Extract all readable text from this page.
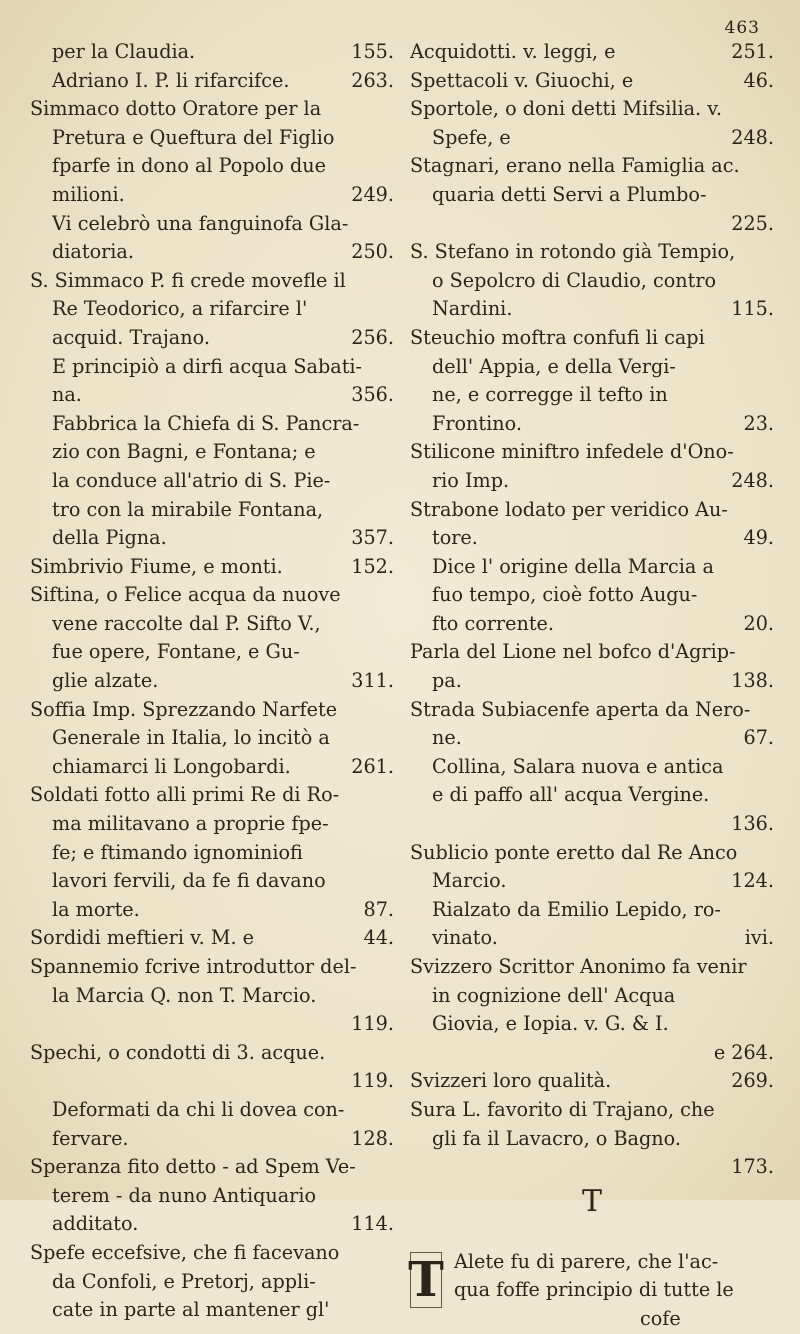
463
per la Claudia.	155.
Adriano I. P. li rifarcifce.	263.
Simmaco dotto Oratore per la
Pretura e Queftura del Figlio
fparfe in dono al Popolo due
milioni.	249.
Vi celebrò una fanguinofa Gla-
diatoria.	250.
S. Simmaco P. fi crede movefle il
Re Teodorico, a rifarcire l'
acquid. Trajano.	256.
E principiò a dirfi acqua Sabati-
na.	356.
Fabbrica la Chiefa di S. Pancra-
zio con Bagni, e Fontana; e
la conduce all'atrio di S. Pie-
tro con la mirabile Fontana,
della Pigna.	357.
Simbrivio Fiume, e monti.	152.
Siftina, o Felice acqua da nuove
vene raccolte dal P. Sifto V.,
fue opere, Fontane, e Gu-
glie alzate.	311.
Soffia Imp. Sprezzando Narfete
Generale in Italia, lo incitò a
chiamarci li Longobardi.	261.
Soldati fotto alli primi Re di Ro-
ma militavano a proprie fpe-
fe; e ftimando ignominiofi
lavori fervili, da fe fi davano
la morte.	87.
Sordidi meftieri v. M. e	44.
Spannemio fcrive introduttor del-
la Marcia Q. non T. Marcio.
119.
Spechi, o condotti di 3. acque.
119.
Deformati da chi li dovea con-
fervare.	128.
Speranza fito detto - ad Spem Ve-
terem - da nuno Antiquario
additato.	114.
Spefe eccefsive, che fi facevano
da Confoli, e Pretorj, appli-
cate in parte al mantener gl'
Acquidotti. v. leggi, e	251.
Spettacoli v. Giuochi, e	46.
Sportole, o doni detti Mifsilia. v.
Spefe, e	248.
Stagnari, erano nella Famiglia ac.
quaria detti Servi a Plumbo-
225.
S. Stefano in rotondo già Tempio,
o Sepolcro di Claudio, contro
Nardini.	115.
Steuchio moftra confufi li capi
dell' Appia, e della Vergi-
ne, e corregge il tefto in
Frontino.	23.
Stilicone miniftro infedele d'Ono-
rio Imp.	248.
Strabone lodato per veridico Au-
tore.	49.
Dice l' origine della Marcia a
fuo tempo, cioè fotto Augu-
fto corrente.	20.
Parla del Lione nel bofco d'Agrip-
pa.	138.
Strada Subiacenfe aperta da Nero-
ne.	67.
Collina, Salara nuova e antica
e di paffo all' acqua Vergine.
136.
Sublicio ponte eretto dal Re Anco
Marcio.	124.
Rialzato da Emilio Lepido, ro-
vinato.	ivi.
Svizzero Scrittor Anonimo fa venir
in cognizione dell' Acqua
Giovia, e Iopia. v. G. & I.
e 264.
Svizzeri loro qualità.	269.
Sura L. favorito di Trajano, che
gli fa il Lavacro, o Bagno.
173.
T
T Alete fu di parere, che l'ac-
qua foffe principio di tutte le
cofe
